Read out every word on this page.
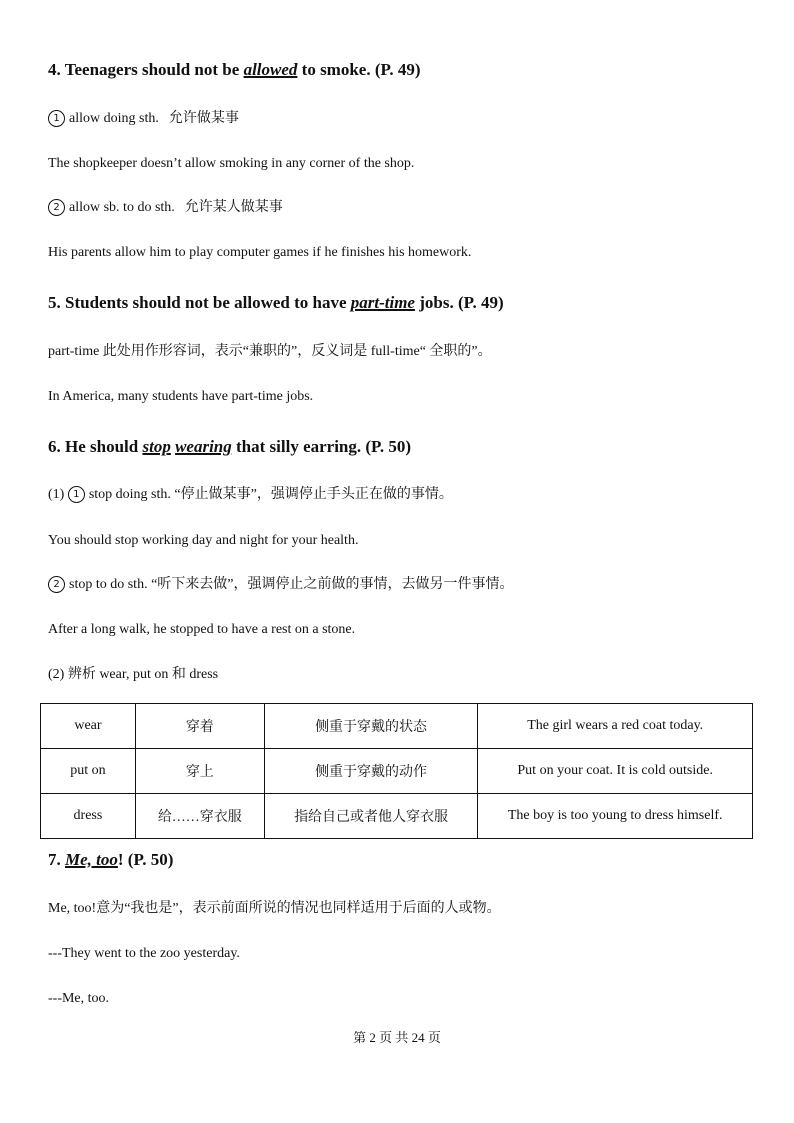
4. Teenagers should not be allowed to smoke. (P. 49)
1 allow doing sth. 允许做某事
The shopkeeper doesn’t allow smoking in any corner of the shop.
2 allow sb. to do sth. 允许某人做某事
His parents allow him to play computer games if he finishes his homework.
5. Students should not be allowed to have part-time jobs. (P. 49)
part-time 此处用作形容词，表示“兼职的”，反义词是 full-time“ 全职的”。
In America, many students have part-time jobs.
6. He should stop wearing that silly earring. (P. 50)
(1) 1 stop doing sth. “停止做某事”，强调停止手头正在做的事情。
You should stop working day and night for your health.
2 stop to do sth. “听下来去做”，强调停止之前做的事情，去做另一件事情。
After a long walk, he stopped to have a rest on a stone.
(2) 辨析 wear, put on 和 dress
wear	穿着	侧重于穿戴的状态	The girl wears a red coat today.
put on	穿上	侧重于穿戴的动作	Put on your coat. It is cold outside.
dress	给……穿衣服	指给自己或者他人穿衣服	The boy is too young to dress himself.
7. Me, too! (P. 50)
Me, too!意为“我也是”，表示前面所说的情况也同样适用于后面的人或物。
---They went to the zoo yesterday.
---Me, too.
第 2 页 共 24 页
